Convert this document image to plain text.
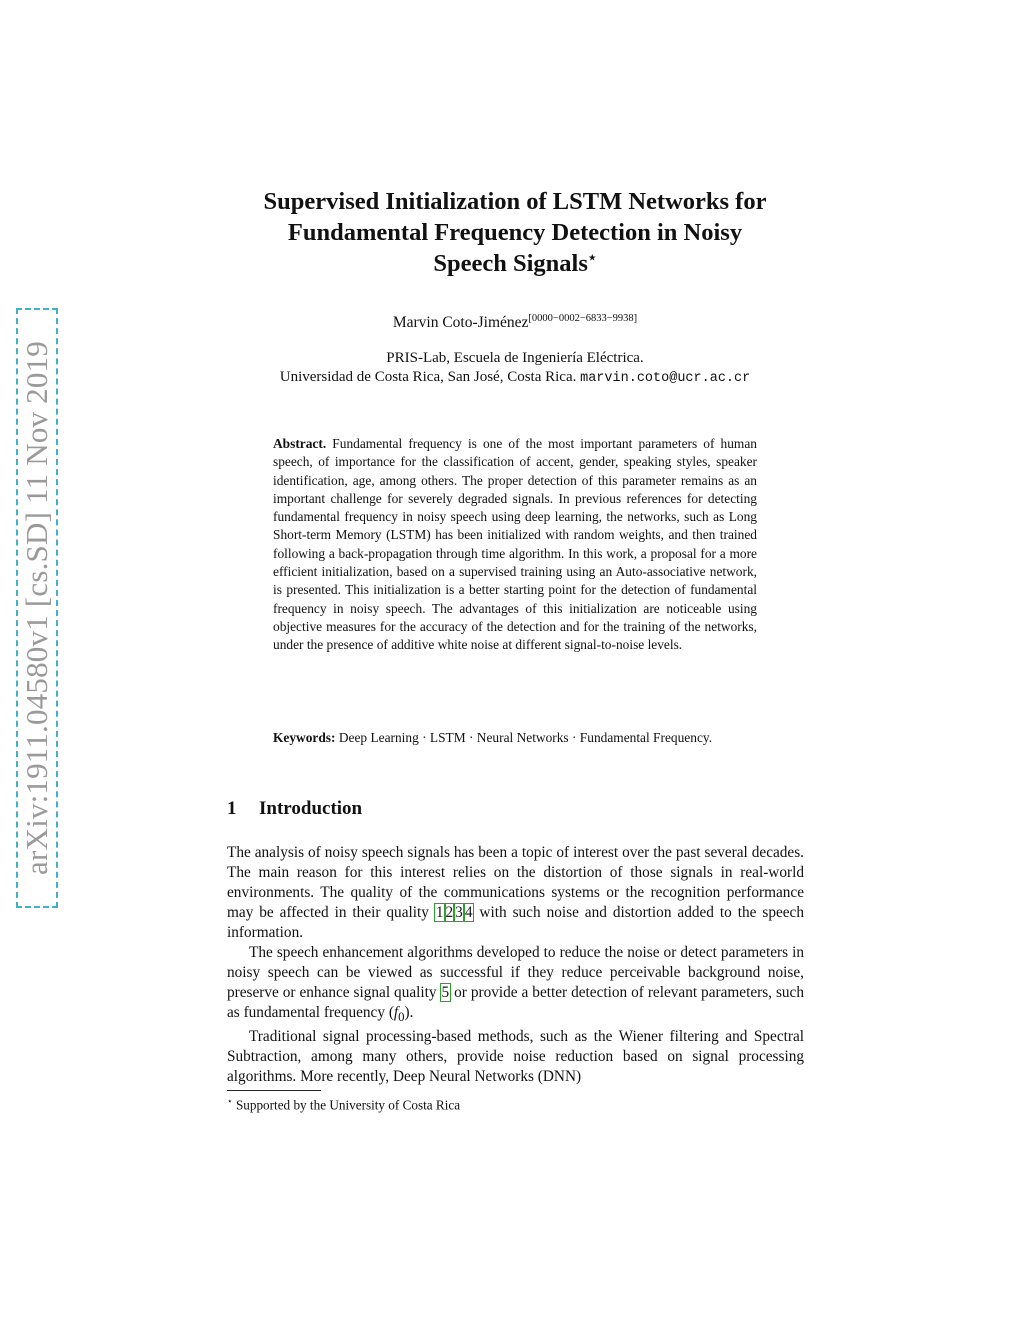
arXiv:1911.04580v1 [cs.SD] 11 Nov 2019
Supervised Initialization of LSTM Networks for
Fundamental Frequency Detection in Noisy
Speech Signals⋆
Marvin Coto-Jiménez[0000−0002−6833−9938]
PRIS-Lab, Escuela de Ingeniería Eléctrica.
Universidad de Costa Rica, San José, Costa Rica. marvin.coto@ucr.ac.cr
Abstract. Fundamental frequency is one of the most important parameters of human speech, of importance for the classification of accent, gender, speaking styles, speaker identification, age, among others. The proper detection of this parameter remains as an important challenge for severely degraded signals. In previous references for detecting fundamental frequency in noisy speech using deep learning, the networks, such as Long Short-term Memory (LSTM) has been initialized with random weights, and then trained following a back-propagation through time algorithm. In this work, a proposal for a more efficient initialization, based on a supervised training using an Auto-associative network, is presented. This initialization is a better starting point for the detection of fundamental frequency in noisy speech. The advantages of this initialization are noticeable using objective measures for the accuracy of the detection and for the training of the networks, under the presence of additive white noise at different signal-to-noise levels.
Keywords: Deep Learning · LSTM · Neural Networks · Fundamental Frequency.
1 Introduction

The analysis of noisy speech signals has been a topic of interest over the past several decades. The main reason for this interest relies on the distortion of those signals in real-world environments. The quality of the communications systems or the recognition performance may be affected in their quality 1 2 3 4 with such noise and distortion added to the speech information.

The speech enhancement algorithms developed to reduce the noise or detect parameters in noisy speech can be viewed as successful if they reduce perceivable background noise, preserve or enhance signal quality 5 or provide a better detection of relevant parameters, such as fundamental frequency $(f_0)$.

Traditional signal processing-based methods, such as the Wiener filtering and Spectral Subtraction, among many others, provide noise reduction based on signal processing algorithms. More recently, Deep Neural Networks (DNN)

⋆ Supported by the University of Costa Rica
